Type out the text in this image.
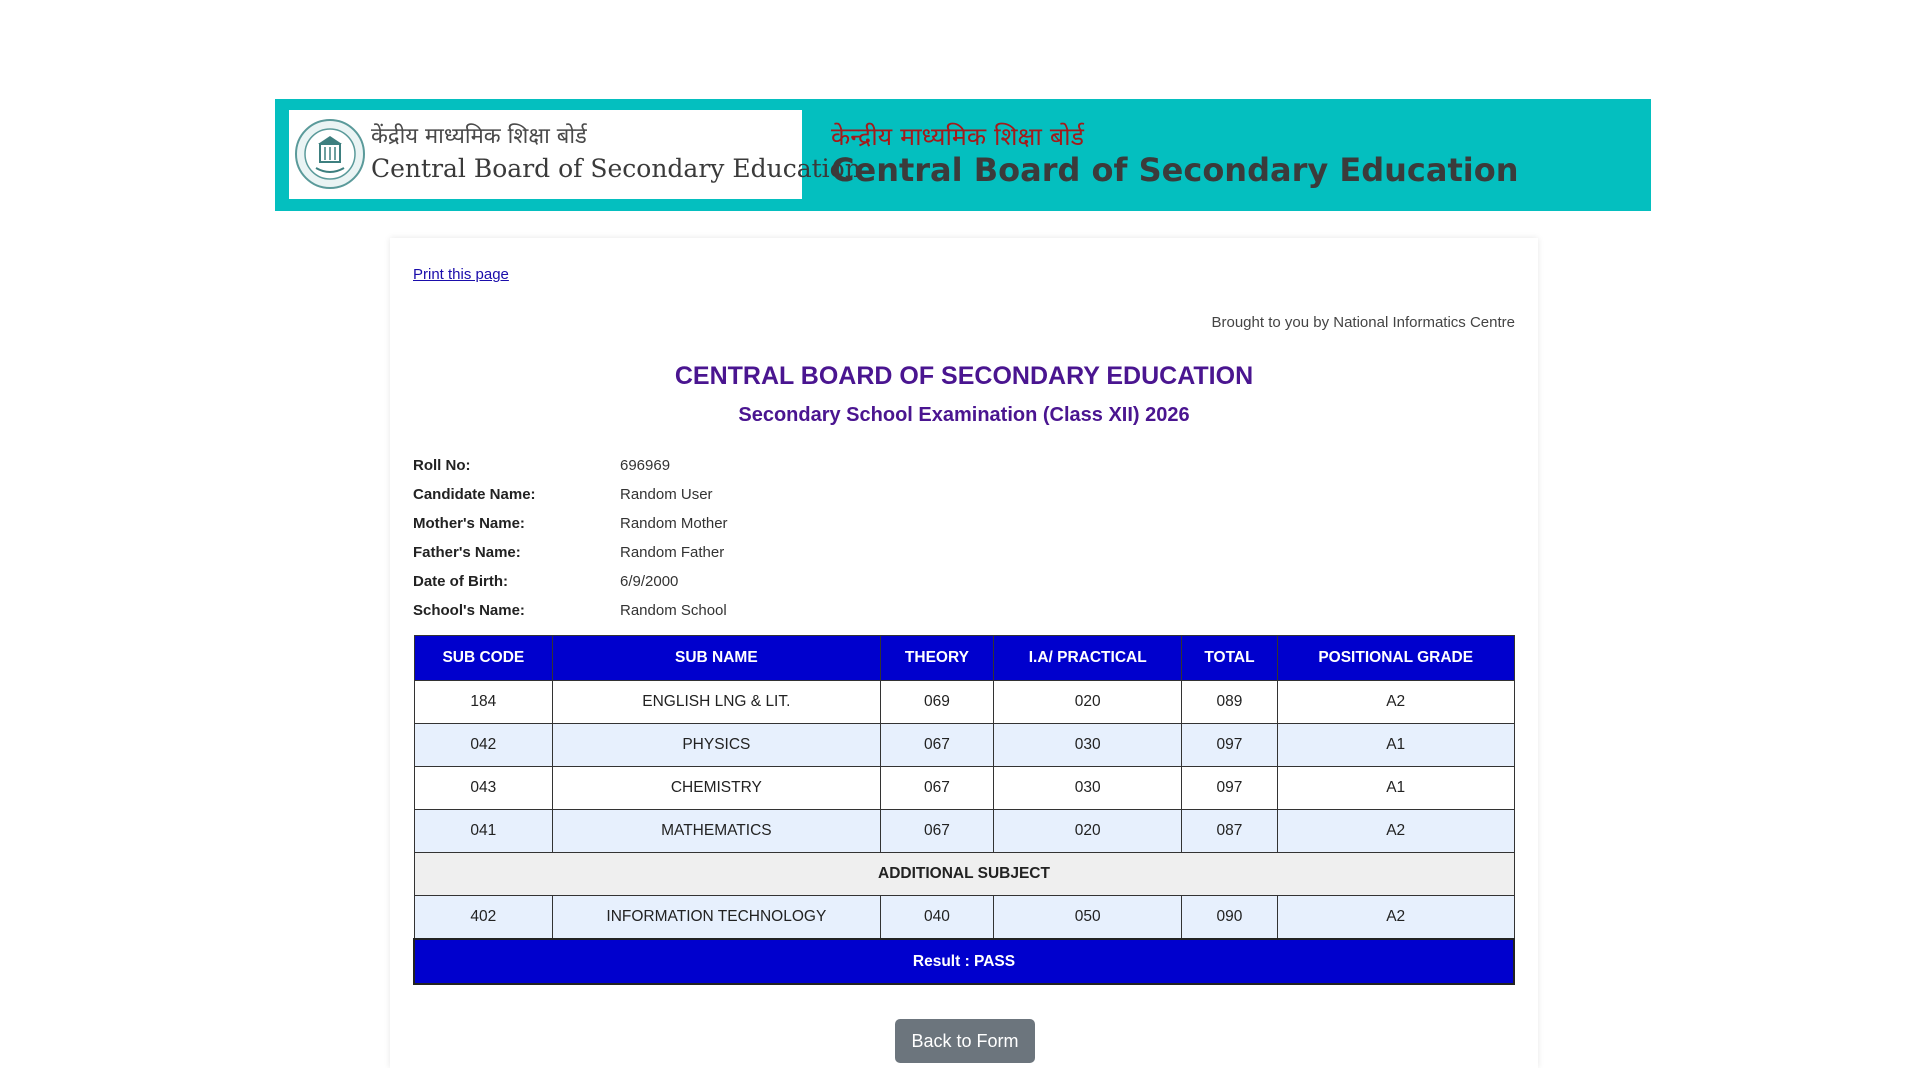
केंद्रीय माध्यमिक शिक्षा बोर्ड
Central Board of Secondary Education
केन्द्रीय माध्यमिक शिक्षा बोर्ड
Central Board of Secondary Education
Print this page
Brought to you by National Informatics Centre
CENTRAL BOARD OF SECONDARY EDUCATION
Secondary School Examination (Class XII) 2026
Roll No:	696969
Candidate Name:	Random User
Mother's Name:	Random Mother
Father's Name:	Random Father
Date of Birth:	6/9/2000
School's Name:	Random School
SUB CODE	SUB NAME	THEORY	I.A/ PRACTICAL	TOTAL	POSITIONAL GRADE
184	ENGLISH LNG & LIT.	069	020	089	A2
042	PHYSICS	067	030	097	A1
043	CHEMISTRY	067	030	097	A1
041	MATHEMATICS	067	020	087	A2
ADDITIONAL SUBJECT					
402	INFORMATION TECHNOLOGY	040	050	090	A2
Result : PASS					
Back to Form
